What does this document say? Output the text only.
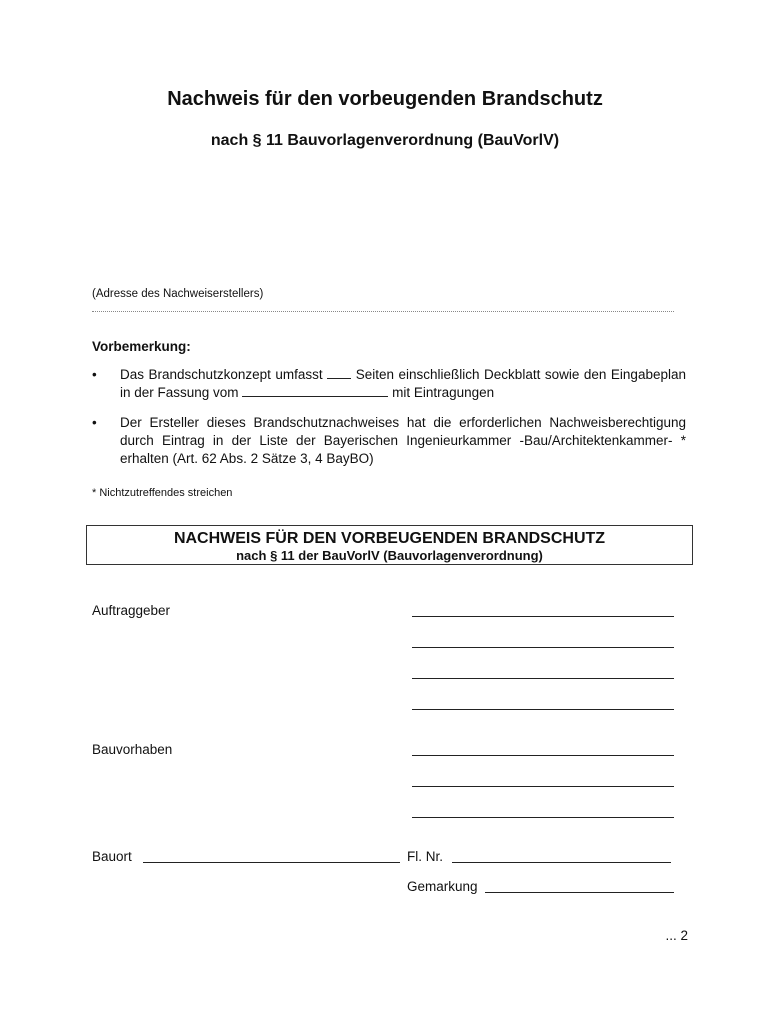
Nachweis für den vorbeugenden Brandschutz
nach § 11 Bauvorlagenverordnung (BauVorlV)
(Adresse des Nachweiserstellers)
Vorbemerkung:
• Das Brandschutzkonzept umfasst Seiten einschließlich Deckblatt sowie den Eingabeplan in der Fassung vom	mit Eintragungen
• Der Ersteller dieses Brandschutznachweises hat die erforderlichen Nachweisberechtigung durch Eintrag in der Liste der Bayerischen Ingenieurkammer -Bau/Architektenkammer- * erhalten (Art. 62 Abs. 2 Sätze 3, 4 BayBO)
* Nichtzutreffendes streichen
NACHWEIS FÜR DEN VORBEUGENDEN BRANDSCHUTZ
nach § 11 der BauVorlV (Bauvorlagenverordnung)
Auftraggeber
Bauvorhaben
Bauort	Fl. Nr.
Gemarkung
... 2
